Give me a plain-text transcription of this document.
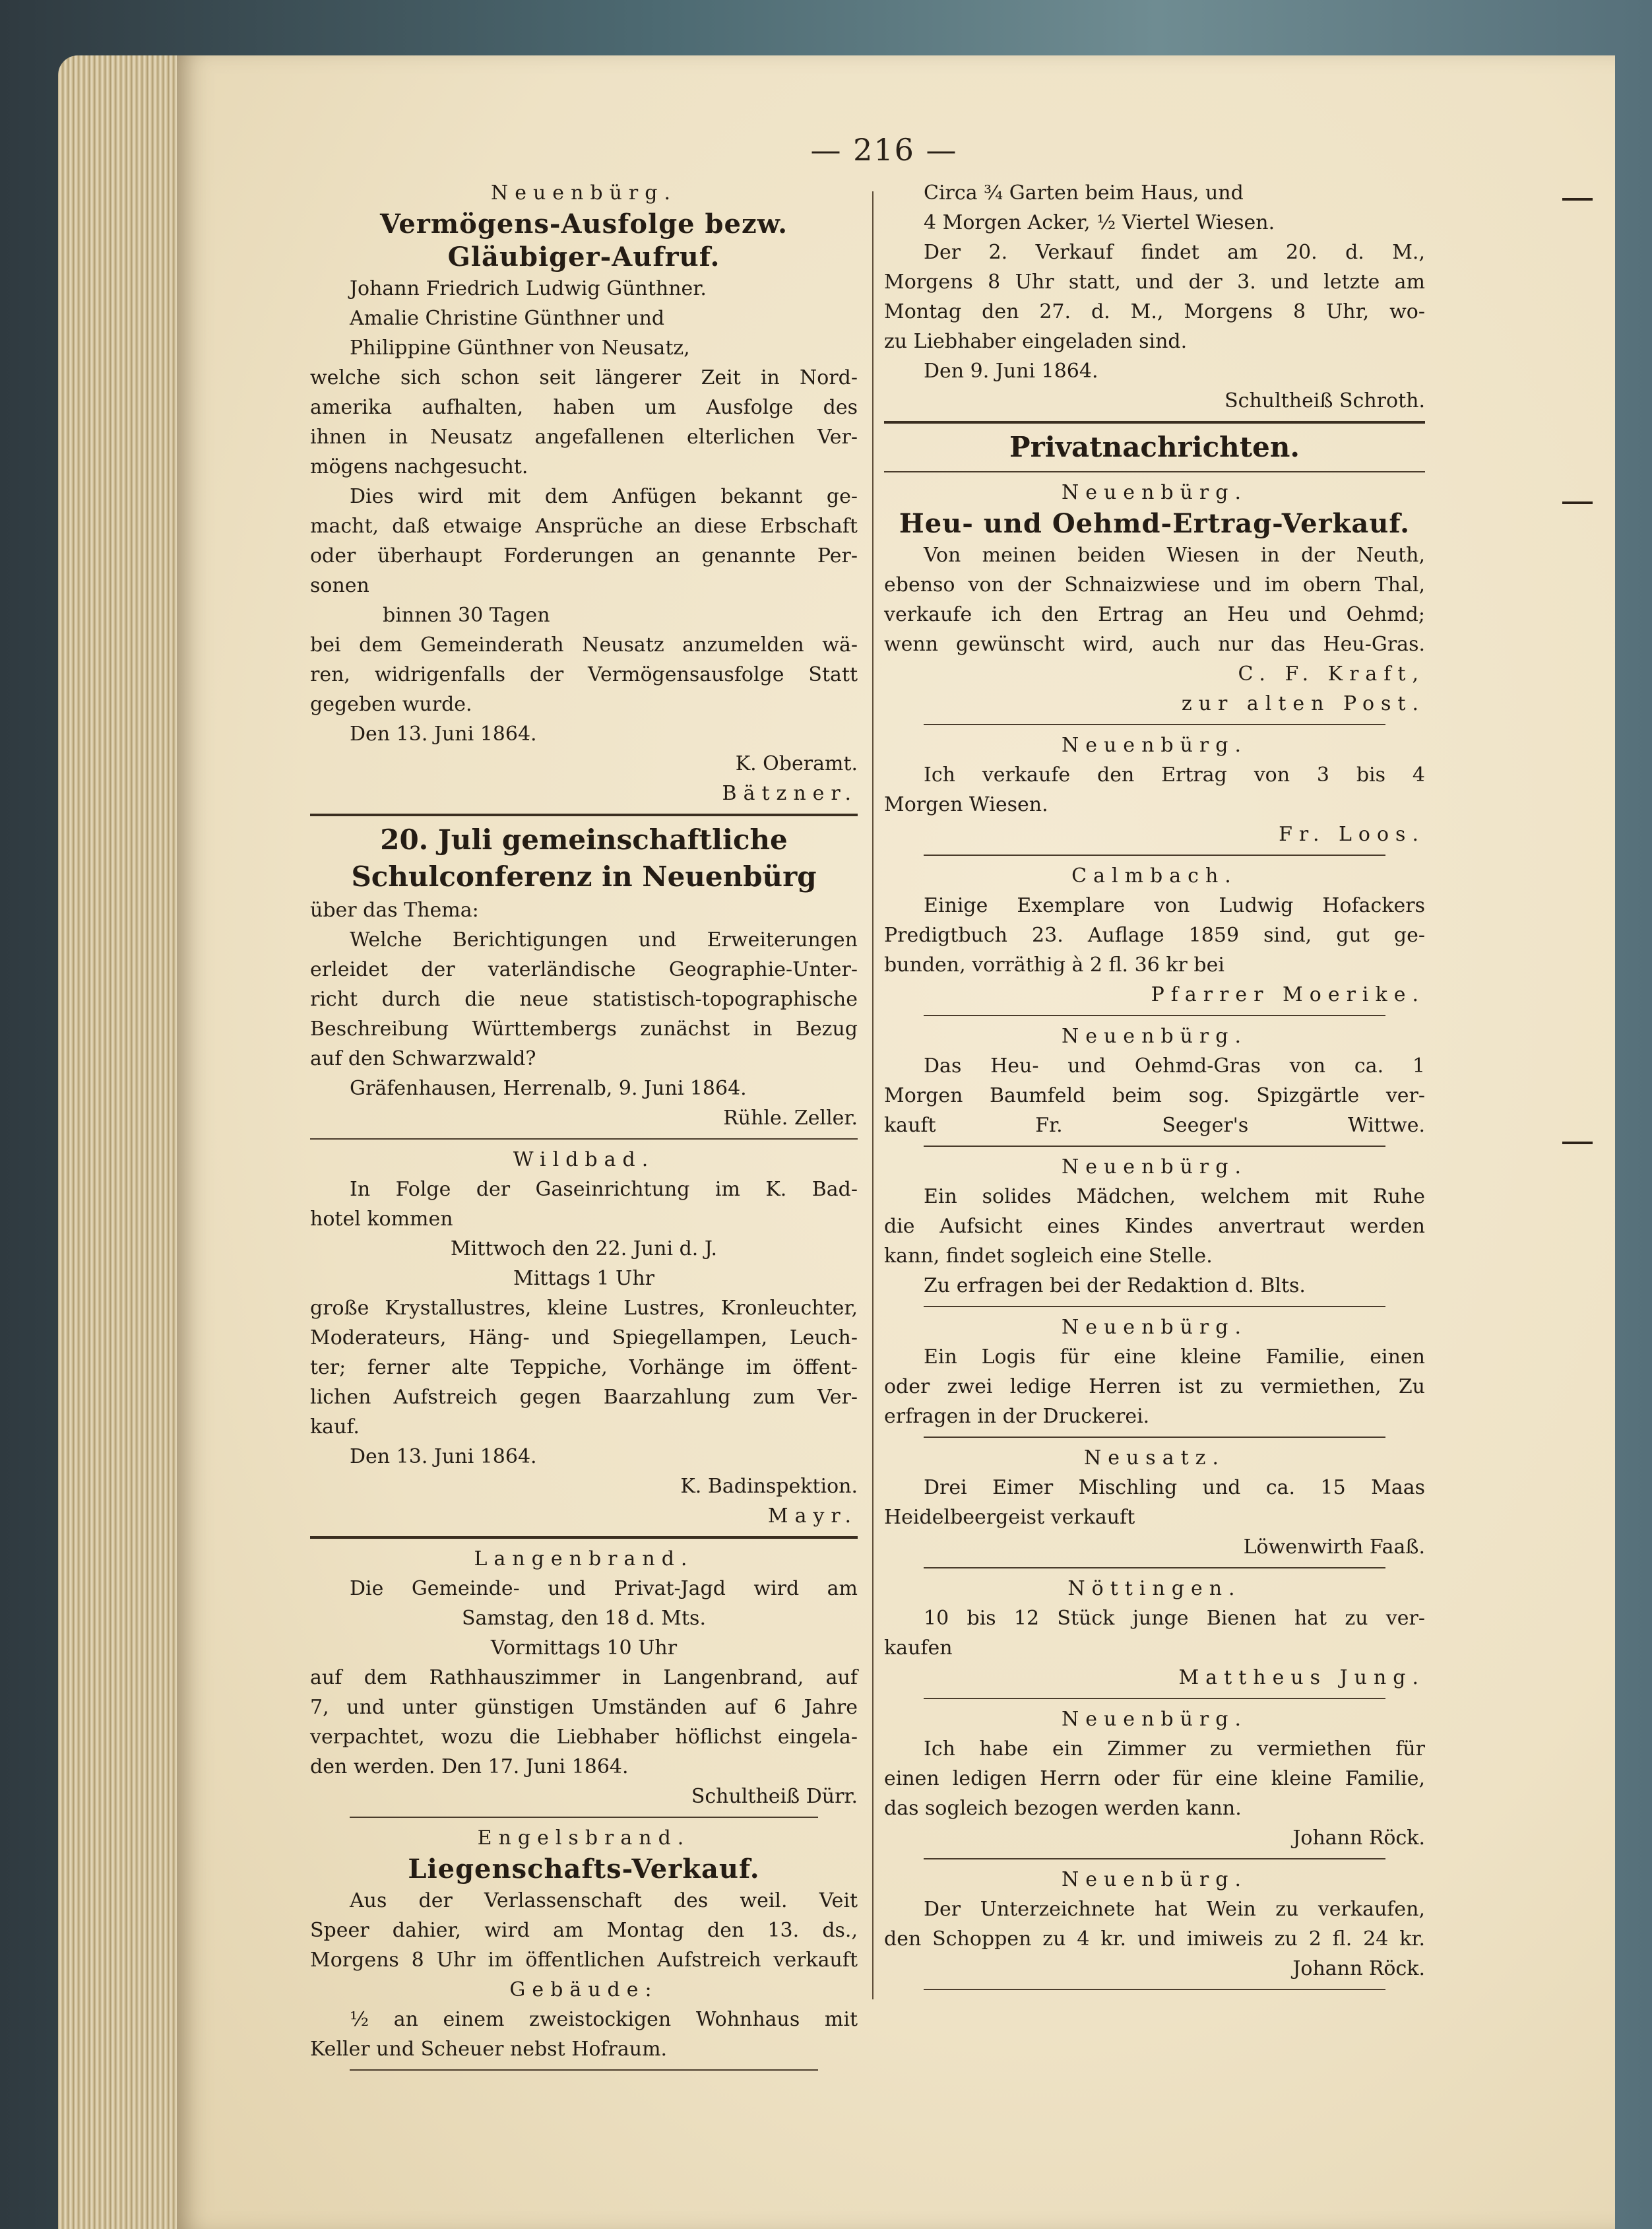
— 216 —

Neuenbürg.

Vermögens-Ausfolge bezw.

Gläubiger-Aufruf.

Johann Friedrich Ludwig Günthner.

Amalie Christine Günthner und

Philippine Günthner von Neusatz,

welche sich schon seit längerer Zeit in Nord-

amerika aufhalten, haben um Ausfolge des

ihnen in Neusatz angefallenen elterlichen Ver-

mögens nachgesucht.

Dies wird mit dem Anfügen bekannt ge-

macht, daß etwaige Ansprüche an diese Erbschaft

oder überhaupt Forderungen an genannte Per-

sonen

binnen 30 Tagen

bei dem Gemeinderath Neusatz anzumelden wä-

ren, widrigenfalls der Vermögensausfolge Statt

gegeben wurde.

Den 13. Juni 1864.

K. Oberamt.

Bätzner.

20. Juli gemeinschaftliche

Schulconferenz in Neuenbürg

über das Thema:

Welche Berichtigungen und Erweiterungen

erleidet der vaterländische Geographie-Unter-

richt durch die neue statistisch-topographische

Beschreibung Württembergs zunächst in Bezug

auf den Schwarzwald?

Gräfenhausen, Herrenalb, 9. Juni 1864.

Rühle. Zeller.

Wildbad.

In Folge der Gaseinrichtung im K. Bad-

hotel kommen

Mittwoch den 22. Juni d. J.

Mittags 1 Uhr

große Krystallustres, kleine Lustres, Kronleuchter,

Moderateurs, Häng- und Spiegellampen, Leuch-

ter; ferner alte Teppiche, Vorhänge im öffent-

lichen Aufstreich gegen Baarzahlung zum Ver-

kauf.

Den 13. Juni 1864.

K. Badinspektion.

Mayr.

Langenbrand.

Die Gemeinde- und Privat-Jagd wird am

Samstag, den 18 d. Mts.

Vormittags 10 Uhr

auf dem Rathhauszimmer in Langenbrand, auf

7, und unter günstigen Umständen auf 6 Jahre

verpachtet, wozu die Liebhaber höflichst eingela-

den werden. Den 17. Juni 1864.

Schultheiß Dürr.

Engelsbrand.

Liegenschafts-Verkauf.

Aus der Verlassenschaft des weil. Veit

Speer dahier, wird am Montag den 13. ds.,

Morgens 8 Uhr im öffentlichen Aufstreich verkauft

Gebäude:

½ an einem zweistockigen Wohnhaus mit

Keller und Scheuer nebst Hofraum.

Circa ¾ Garten beim Haus, und

4 Morgen Acker, ½ Viertel Wiesen.

Der 2. Verkauf findet am 20. d. M.,

Morgens 8 Uhr statt, und der 3. und letzte am

Montag den 27. d. M., Morgens 8 Uhr, wo-

zu Liebhaber eingeladen sind.

Den 9. Juni 1864.

Schultheiß Schroth.

Privatnachrichten.

Neuenbürg.

Heu- und Oehmd-Ertrag-Verkauf.

Von meinen beiden Wiesen in der Neuth,

ebenso von der Schnaizwiese und im obern Thal,

verkaufe ich den Ertrag an Heu und Oehmd;

wenn gewünscht wird, auch nur das Heu-Gras.

C. F. Kraft,

zur alten Post.

Neuenbürg.

Ich verkaufe den Ertrag von 3 bis 4

Morgen Wiesen.

Fr. Loos.

Calmbach.

Einige Exemplare von Ludwig Hofackers

Predigtbuch 23. Auflage 1859 sind, gut ge-

bunden, vorräthig à 2 fl. 36 kr bei

Pfarrer Moerike.

Neuenbürg.

Das Heu- und Oehmd-Gras von ca. 1

Morgen Baumfeld beim sog. Spizgärtle ver-

kauft Fr. Seeger's Wittwe.

Neuenbürg.

Ein solides Mädchen, welchem mit Ruhe

die Aufsicht eines Kindes anvertraut werden

kann, findet sogleich eine Stelle.

Zu erfragen bei der Redaktion d. Blts.

Neuenbürg.

Ein Logis für eine kleine Familie, einen

oder zwei ledige Herren ist zu vermiethen, Zu

erfragen in der Druckerei.

Neusatz.

Drei Eimer Mischling und ca. 15 Maas

Heidelbeergeist verkauft

Löwenwirth Faaß.

Nöttingen.

10 bis 12 Stück junge Bienen hat zu ver-

kaufen

Mattheus Jung.

Neuenbürg.

Ich habe ein Zimmer zu vermiethen für

einen ledigen Herrn oder für eine kleine Familie,

das sogleich bezogen werden kann.

Johann Röck.

Neuenbürg.

Der Unterzeichnete hat Wein zu verkaufen,

den Schoppen zu 4 kr. und imiweis zu 2 fl. 24 kr.

Johann Röck.
